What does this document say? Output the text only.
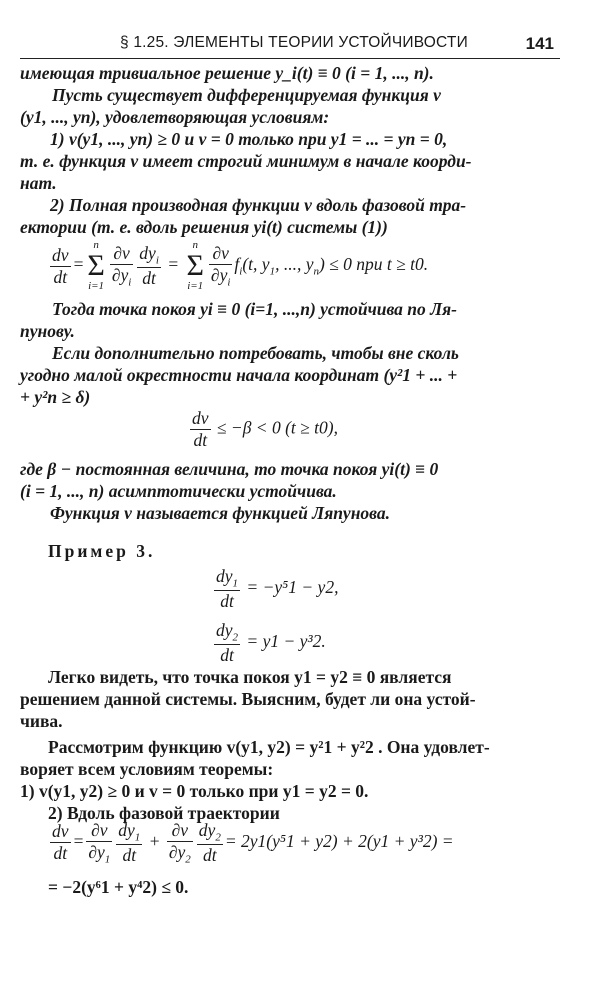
§ 1.25. ЭЛЕМЕНТЫ ТЕОРИИ УСТОЙЧИВОСТИ	141
имеющая тривиальное решение y_i(t) ≡ 0 (i = 1, ..., n).
Пусть существует дифференцируемая функция v
(y1, ..., yn), удовлетворяющая условиям:
1) v(y1, ..., yn) ≥ 0 и v = 0 только при y1 = ... = yn = 0,
т. е. функция v имеет строгий минимум в начале коорди-
нат.
2) Полная производная функции v вдоль фазовой тра-
ектории (т. е. вдоль решения yi(t) системы (1))
$\frac{dv}{dt}$ =
n
Σ
$i=1 \frac{\partial v}{\partial y_i} \frac{dy_i}{dt}$ =
n
Σ
$i=1 \frac{\partial v}{\partial y_i} f_i(t$, $y_1$, ..., $y_n) \le 0$ при t ≥ t0.
Тогда точка покоя yi ≡ 0 (i=1, ...,n) устойчива по Ля-
пунову.
Если дополнительно потребовать, чтобы вне сколь
угодно малой окрестности начала координат (y²1 + ... +
+ y²n ≥ δ)
$\frac{dv}{dt} \le -\beta < 0$ (t ≥ t0),
где β − постоянная величина, то точка покоя yi(t) ≡ 0
(i = 1, ..., n) асимптотически устойчива.
Функция v называется функцией Ляпунова.
Пример 3.
$\frac{dy_1}{dt} = -y^51 - y2$,
$\frac{dy_2}{dt} = y1 - y^32$.
Легко видеть, что точка покоя y1 = y2 ≡ 0 является
решением данной системы. Выясним, будет ли она устой-
чива.
Рассмотрим функцию v(y1, y2) = y²1 + y²2 . Она удовлет-
воряет всем условиям теоремы:
1) v(y1, y2) ≥ 0 и v = 0 только при y1 = y2 = 0.
2) Вдоль фазовой траектории
$\frac{dv}{dt} = \frac{\partial v}{\partial y_1} \frac{dy_1}{dt} + \frac{\partial v}{\partial y_2} \frac{dy_2}{dt} = 2y1(y^51 + y2) + 2(y1 + y^32)$ =
= −2(y⁶1 + y⁴2) ≤ 0.
